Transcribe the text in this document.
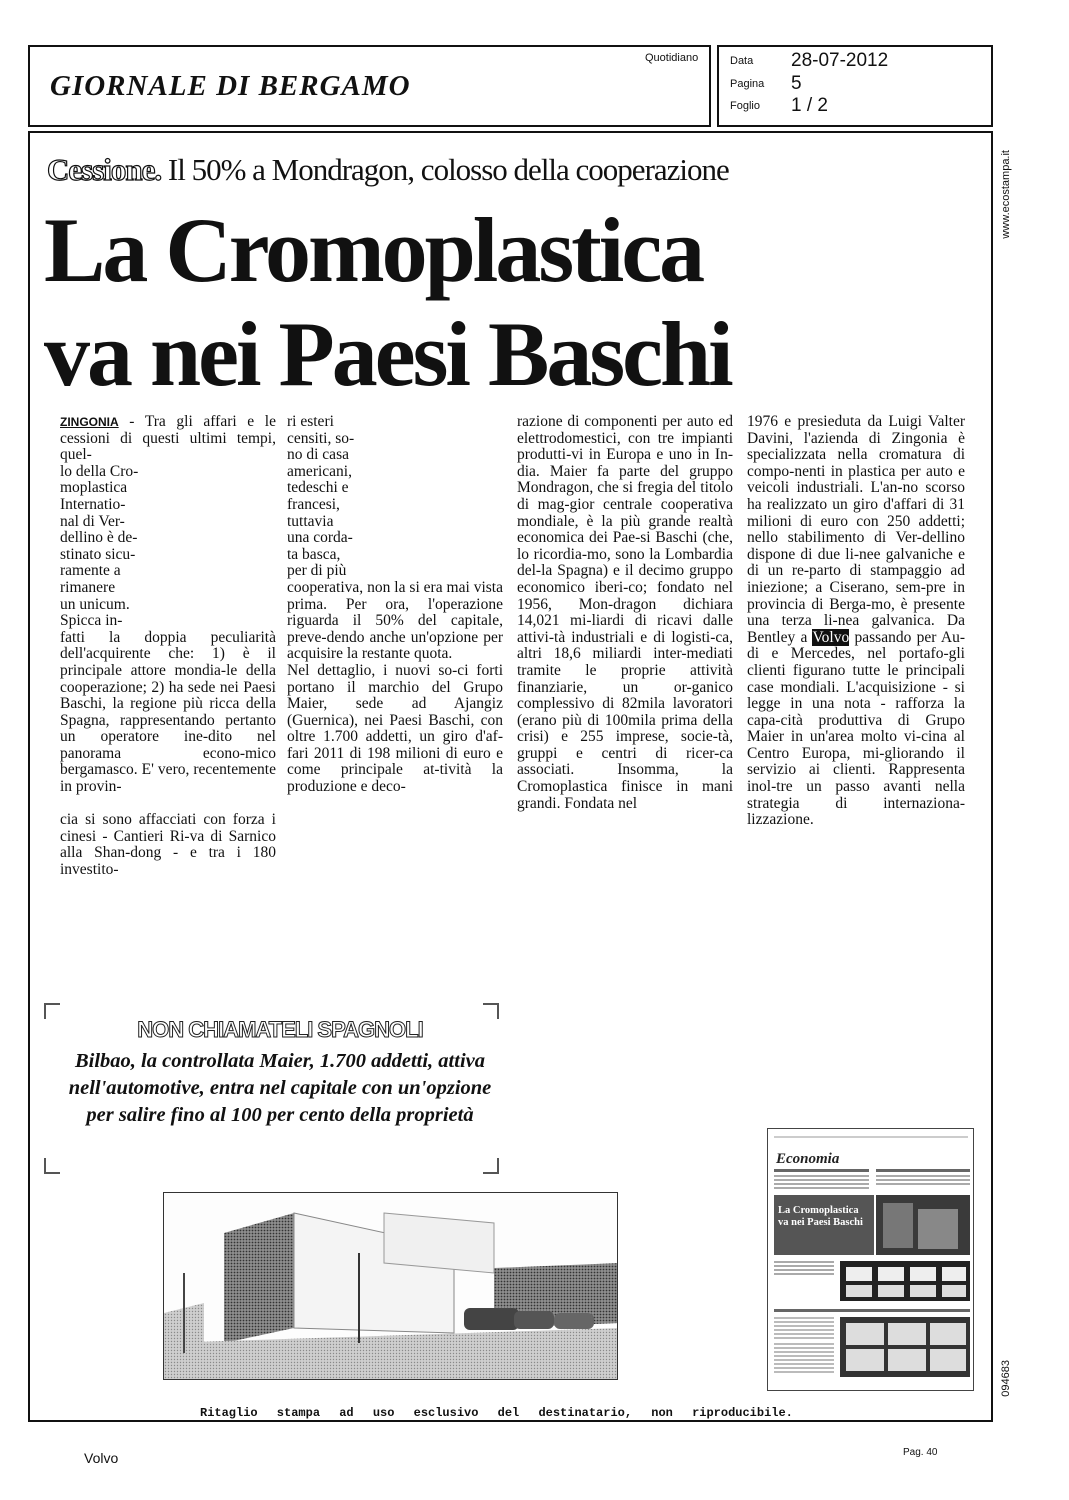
GIORNALE DI BERGAMO
Quotidiano	Data 28-07-2012
Pagina 5
Foglio 1 / 2
www.ecostampa.it
094683
Cessione. Il 50% a Mondragon, colosso della cooperazione
La Cromoplastica va nei Paesi Baschi
ZINGONIA - Tra gli affari e le cessioni di questi ultimi tempi, quel-
lo della Cro-
moplastica
Internatio-
nal di Ver-
dellino è de-
stinato sicu-
ramente a
rimanere
un unicum.
Spicca in-
fatti la doppia peculiarità dell'acquirente che: 1) è il principale attore mondia-le della cooperazione; 2) ha sede nei Paesi Baschi, la regione più ricca della Spagna, rappresentando pertanto un operatore ine-dito nel panorama econo-mico bergamasco. E' vero, recentemente in provin-

cia si sono affacciati con forza i cinesi - Cantieri Ri-va di Sarnico alla Shan-dong - e tra i 180 investito-
ri esteri
censiti, so-
no di casa
americani,
tedeschi e
francesi,
tuttavia
una corda-
ta basca,
per di più
cooperativa, non la si era mai vista prima. Per ora, l'operazione riguarda il 50% del capitale, preve-dendo anche un'opzione per acquisire la restante quota.
Nel dettaglio, i nuovi so-ci forti portano il marchio del Grupo Maier, sede ad Ajangiz (Guernica), nei Paesi Baschi, con oltre 1.700 addetti, un giro d'af-fari 2011 di 198 milioni di euro e come principale at-tività la produzione e deco-
razione di componenti per auto ed elettrodomestici, con tre impianti produtti-vi in Europa e uno in In-dia. Maier fa parte del gruppo Mondragon, che si fregia del titolo di mag-gior centrale cooperativa mondiale, è la più grande realtà economica dei Pae-si Baschi (che, lo ricordia-mo, sono la Lombardia del-la Spagna) e il decimo gruppo economico iberi-co; fondato nel 1956, Mon-dragon dichiara 14,021 mi-liardi di ricavi dalle attivi-tà industriali e di logisti-ca, altri 18,6 miliardi inter-mediati tramite le proprie attività finanziarie, un or-ganico complessivo di 82mila lavoratori (erano più di 100mila prima della crisi) e 255 imprese, socie-tà, gruppi e centri di ricer-ca associati. Insomma, la Cromoplastica finisce in mani grandi. Fondata nel
1976 e presieduta da Luigi Valter Davini, l'azienda di Zingonia è specializzata nella cromatura di compo-nenti in plastica per auto e veicoli industriali. L'an-no scorso ha realizzato un giro d'affari di 31 milioni di euro con 250 addetti; nello stabilimento di Ver-dellino dispone di due li-nee galvaniche e di un re-parto di stampaggio ad iniezione; a Ciserano, sem-pre in provincia di Berga-mo, è presente una terza li-nea galvanica. Da Bentley a Volvo passando per Au-di e Mercedes, nel portafo-gli clienti figurano tutte le principali case mondiali. L'acquisizione - si legge in una nota - rafforza la capa-cità produttiva di Grupo Maier in un'area molto vi-cina al Centro Europa, mi-gliorando il servizio ai clienti. Rappresenta inol-tre un passo avanti nella strategia di internaziona-lizzazione.
NON CHIAMATELI SPAGNOLI
Bilbao, la controllata Maier, 1.700 addetti, attiva nell'automotive, entra nel capitale con un'opzione per salire fino al 100 per cento della proprietà
Economia
La Cromoplastica va nei Paesi Baschi
Ritaglio stampa ad uso esclusivo del destinatario, non riproducibile.
Volvo	Pag. 40
